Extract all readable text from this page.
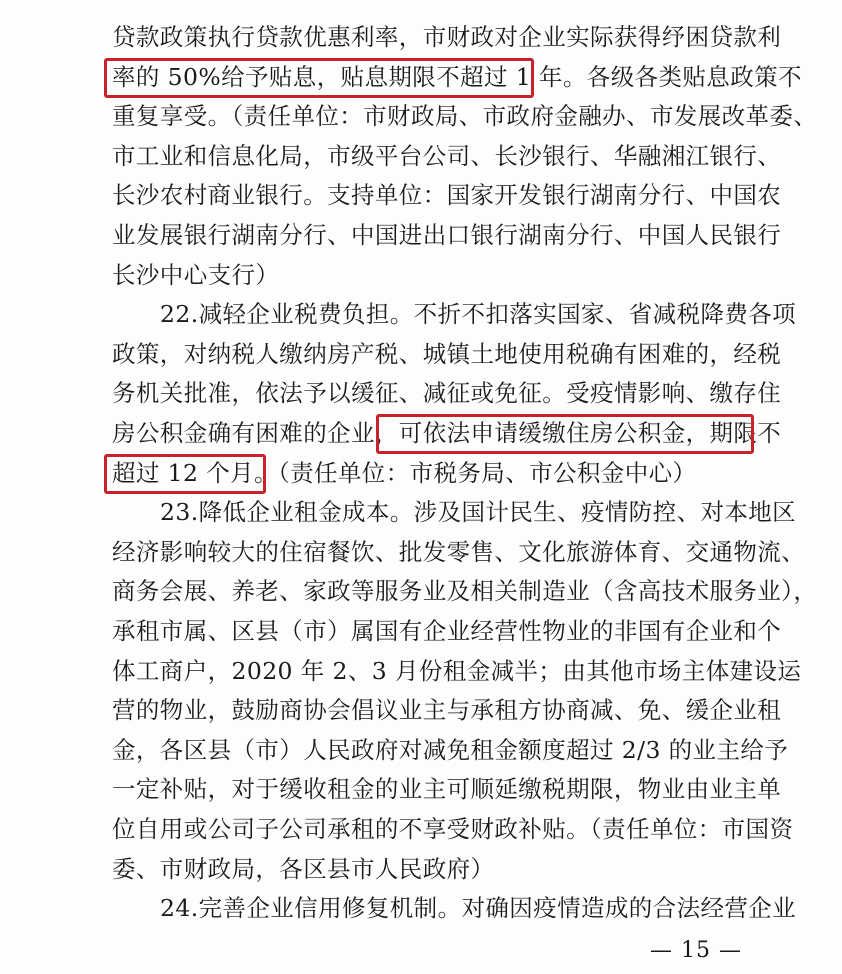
贷款政策执行贷款优惠利率，市财政对企业实际获得纾困贷款利
率的 50%给予贴息，贴息期限不超过 1 年。各级各类贴息政策不
重复享受。（责任单位：市财政局、市政府金融办、市发展改革委、
市工业和信息化局，市级平台公司、长沙银行、华融湘江银行、
长沙农村商业银行。支持单位：国家开发银行湖南分行、中国农
业发展银行湖南分行、中国进出口银行湖南分行、中国人民银行
长沙中心支行）
22.减轻企业税费负担。不折不扣落实国家、省减税降费各项
政策，对纳税人缴纳房产税、城镇土地使用税确有困难的，经税
务机关批准，依法予以缓征、减征或免征。受疫情影响、缴存住
房公积金确有困难的企业，可依法申请缓缴住房公积金，期限不
超过 12 个月。（责任单位：市税务局、市公积金中心）
23.降低企业租金成本。涉及国计民生、疫情防控、对本地区
经济影响较大的住宿餐饮、批发零售、文化旅游体育、交通物流、
商务会展、养老、家政等服务业及相关制造业（含高技术服务业），
承租市属、区县（市）属国有企业经营性物业的非国有企业和个
体工商户，2020 年 2、3 月份租金减半；由其他市场主体建设运
营的物业，鼓励商协会倡议业主与承租方协商减、免、缓企业租
金，各区县（市）人民政府对减免租金额度超过 2/3 的业主给予
一定补贴，对于缓收租金的业主可顺延缴税期限，物业由业主单
位自用或公司子公司承租的不享受财政补贴。（责任单位：市国资
委、市财政局，各区县市人民政府）
— 15 —
24.完善企业信用修复机制。对确因疫情造成的合法经营企业
